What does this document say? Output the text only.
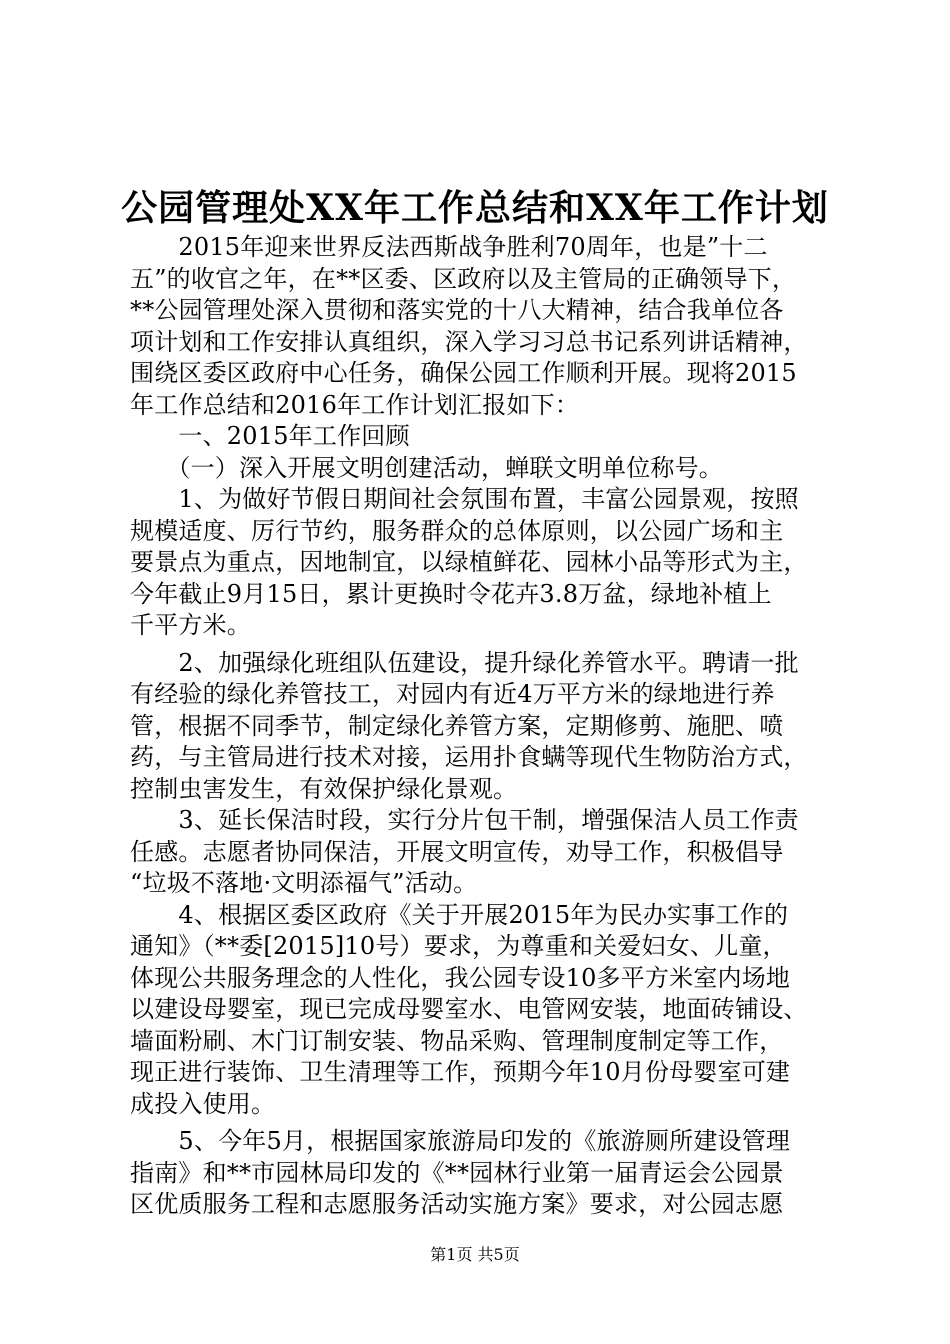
公园管理处XX年工作总结和XX年工作计划
　　2015年迎来世界反法西斯战争胜利70周年，也是”十二
五”的收官之年，在**区委、区政府以及主管局的正确领导下，
**公园管理处深入贯彻和落实党的十八大精神，结合我单位各
项计划和工作安排认真组织，深入学习习总书记系列讲话精神，
围绕区委区政府中心任务，确保公园工作顺利开展。现将2015
年工作总结和2016年工作计划汇报如下：
　　一、2015年工作回顾
　　（一）深入开展文明创建活动，蝉联文明单位称号。
　　1、为做好节假日期间社会氛围布置，丰富公园景观，按照
规模适度、厉行节约，服务群众的总体原则，以公园广场和主
要景点为重点，因地制宜，以绿植鲜花、园林小品等形式为主，
今年截止9月15日，累计更换时令花卉3.8万盆，绿地补植上
千平方米。
　　2、加强绿化班组队伍建设，提升绿化养管水平。聘请一批
有经验的绿化养管技工，对园内有近4万平方米的绿地进行养
管，根据不同季节，制定绿化养管方案，定期修剪、施肥、喷
药，与主管局进行技术对接，运用扑食螨等现代生物防治方式，
控制虫害发生，有效保护绿化景观。
　　3、延长保洁时段，实行分片包干制，增强保洁人员工作责
任感。志愿者协同保洁，开展文明宣传，劝导工作，积极倡导
“垃圾不落地·文明添福气”活动。
　　4、根据区委区政府《关于开展2015年为民办实事工作的
通知》（**委[2015]10号）要求，为尊重和关爱妇女、儿童，
体现公共服务理念的人性化，我公园专设10多平方米室内场地
以建设母婴室，现已完成母婴室水、电管网安装，地面砖铺设、
墙面粉刷、木门订制安装、物品采购、管理制度制定等工作，
现正进行装饰、卫生清理等工作，预期今年10月份母婴室可建
成投入使用。
　　5、今年5月，根据国家旅游局印发的《旅游厕所建设管理
指南》和**市园林局印发的《**园林行业第一届青运会公园景
区优质服务工程和志愿服务活动实施方案》要求，对公园志愿
第1页 共5页
